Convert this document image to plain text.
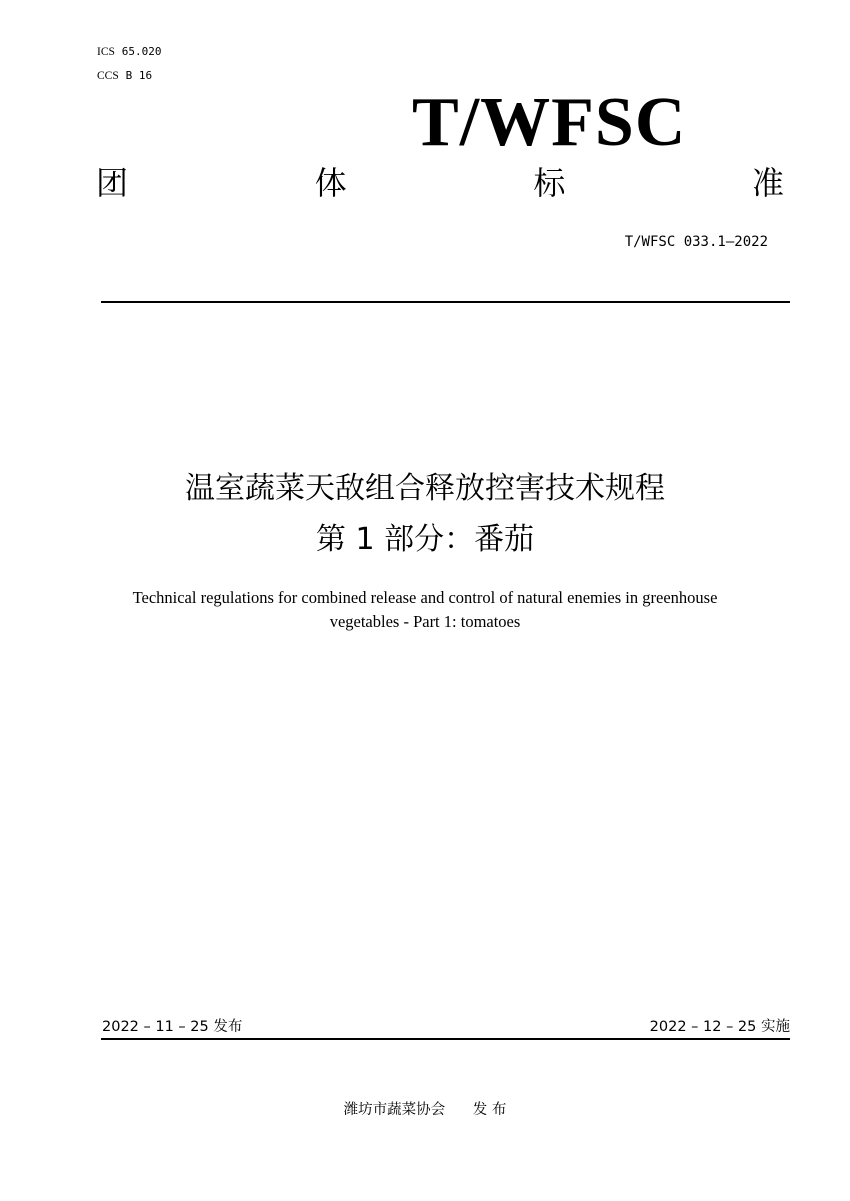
ICS 65.020
CCS B 16
T/WFSC
团	体	标	准
T/WFSC 033.1—2022
温室蔬菜天敌组合释放控害技术规程
第 1 部分：番茄
Technical regulations for combined release and control of natural enemies in greenhouse vegetables - Part 1: tomatoes
2022 – 11 – 25 发布	2022 – 12 – 25 实施
潍坊市蔬菜协会      发 布
